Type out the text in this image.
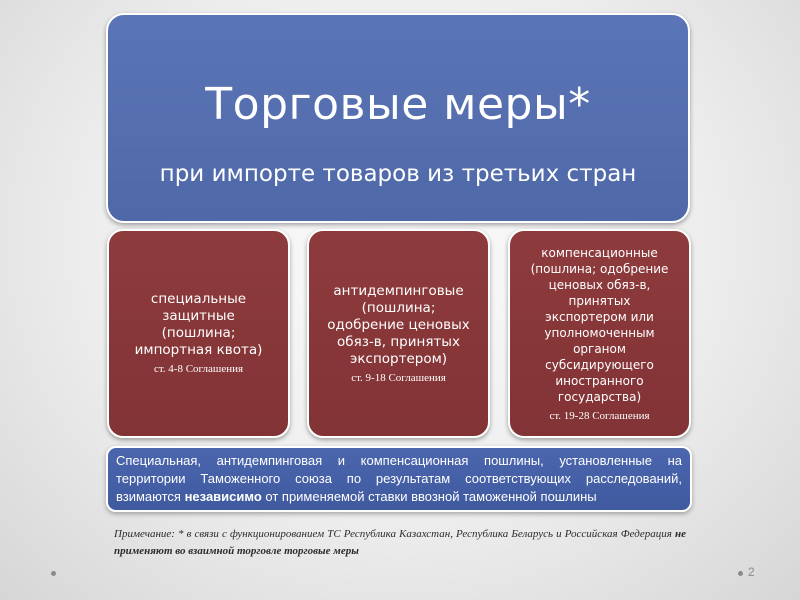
Торговые меры*
при импорте товаров из третьих стран
специальные
защитные
(пошлина;
импортная квота)
ст. 4-8 Соглашения
антидемпинговые
(пошлина;
одобрение ценовых
обяз-в, принятых
экспортером)
ст. 9-18 Соглашения
компенсационные
(пошлина; одобрение
ценовых обяз-в,
принятых
экспортером или
уполномоченным
органом
субсидирующего
иностранного
государства)
ст. 19-28 Соглашения
Специальная, антидемпинговая и компенсационная пошлины, установленные на территории Таможенного союза по результатам соответствующих расследований, взимаются независимо от применяемой ставки ввозной таможенной пошлины
Примечание: * в связи с функционированием ТС Республика Казахстан, Республика Беларусь и Российская Федерация не применяют во взаимной торговле торговые меры
2
